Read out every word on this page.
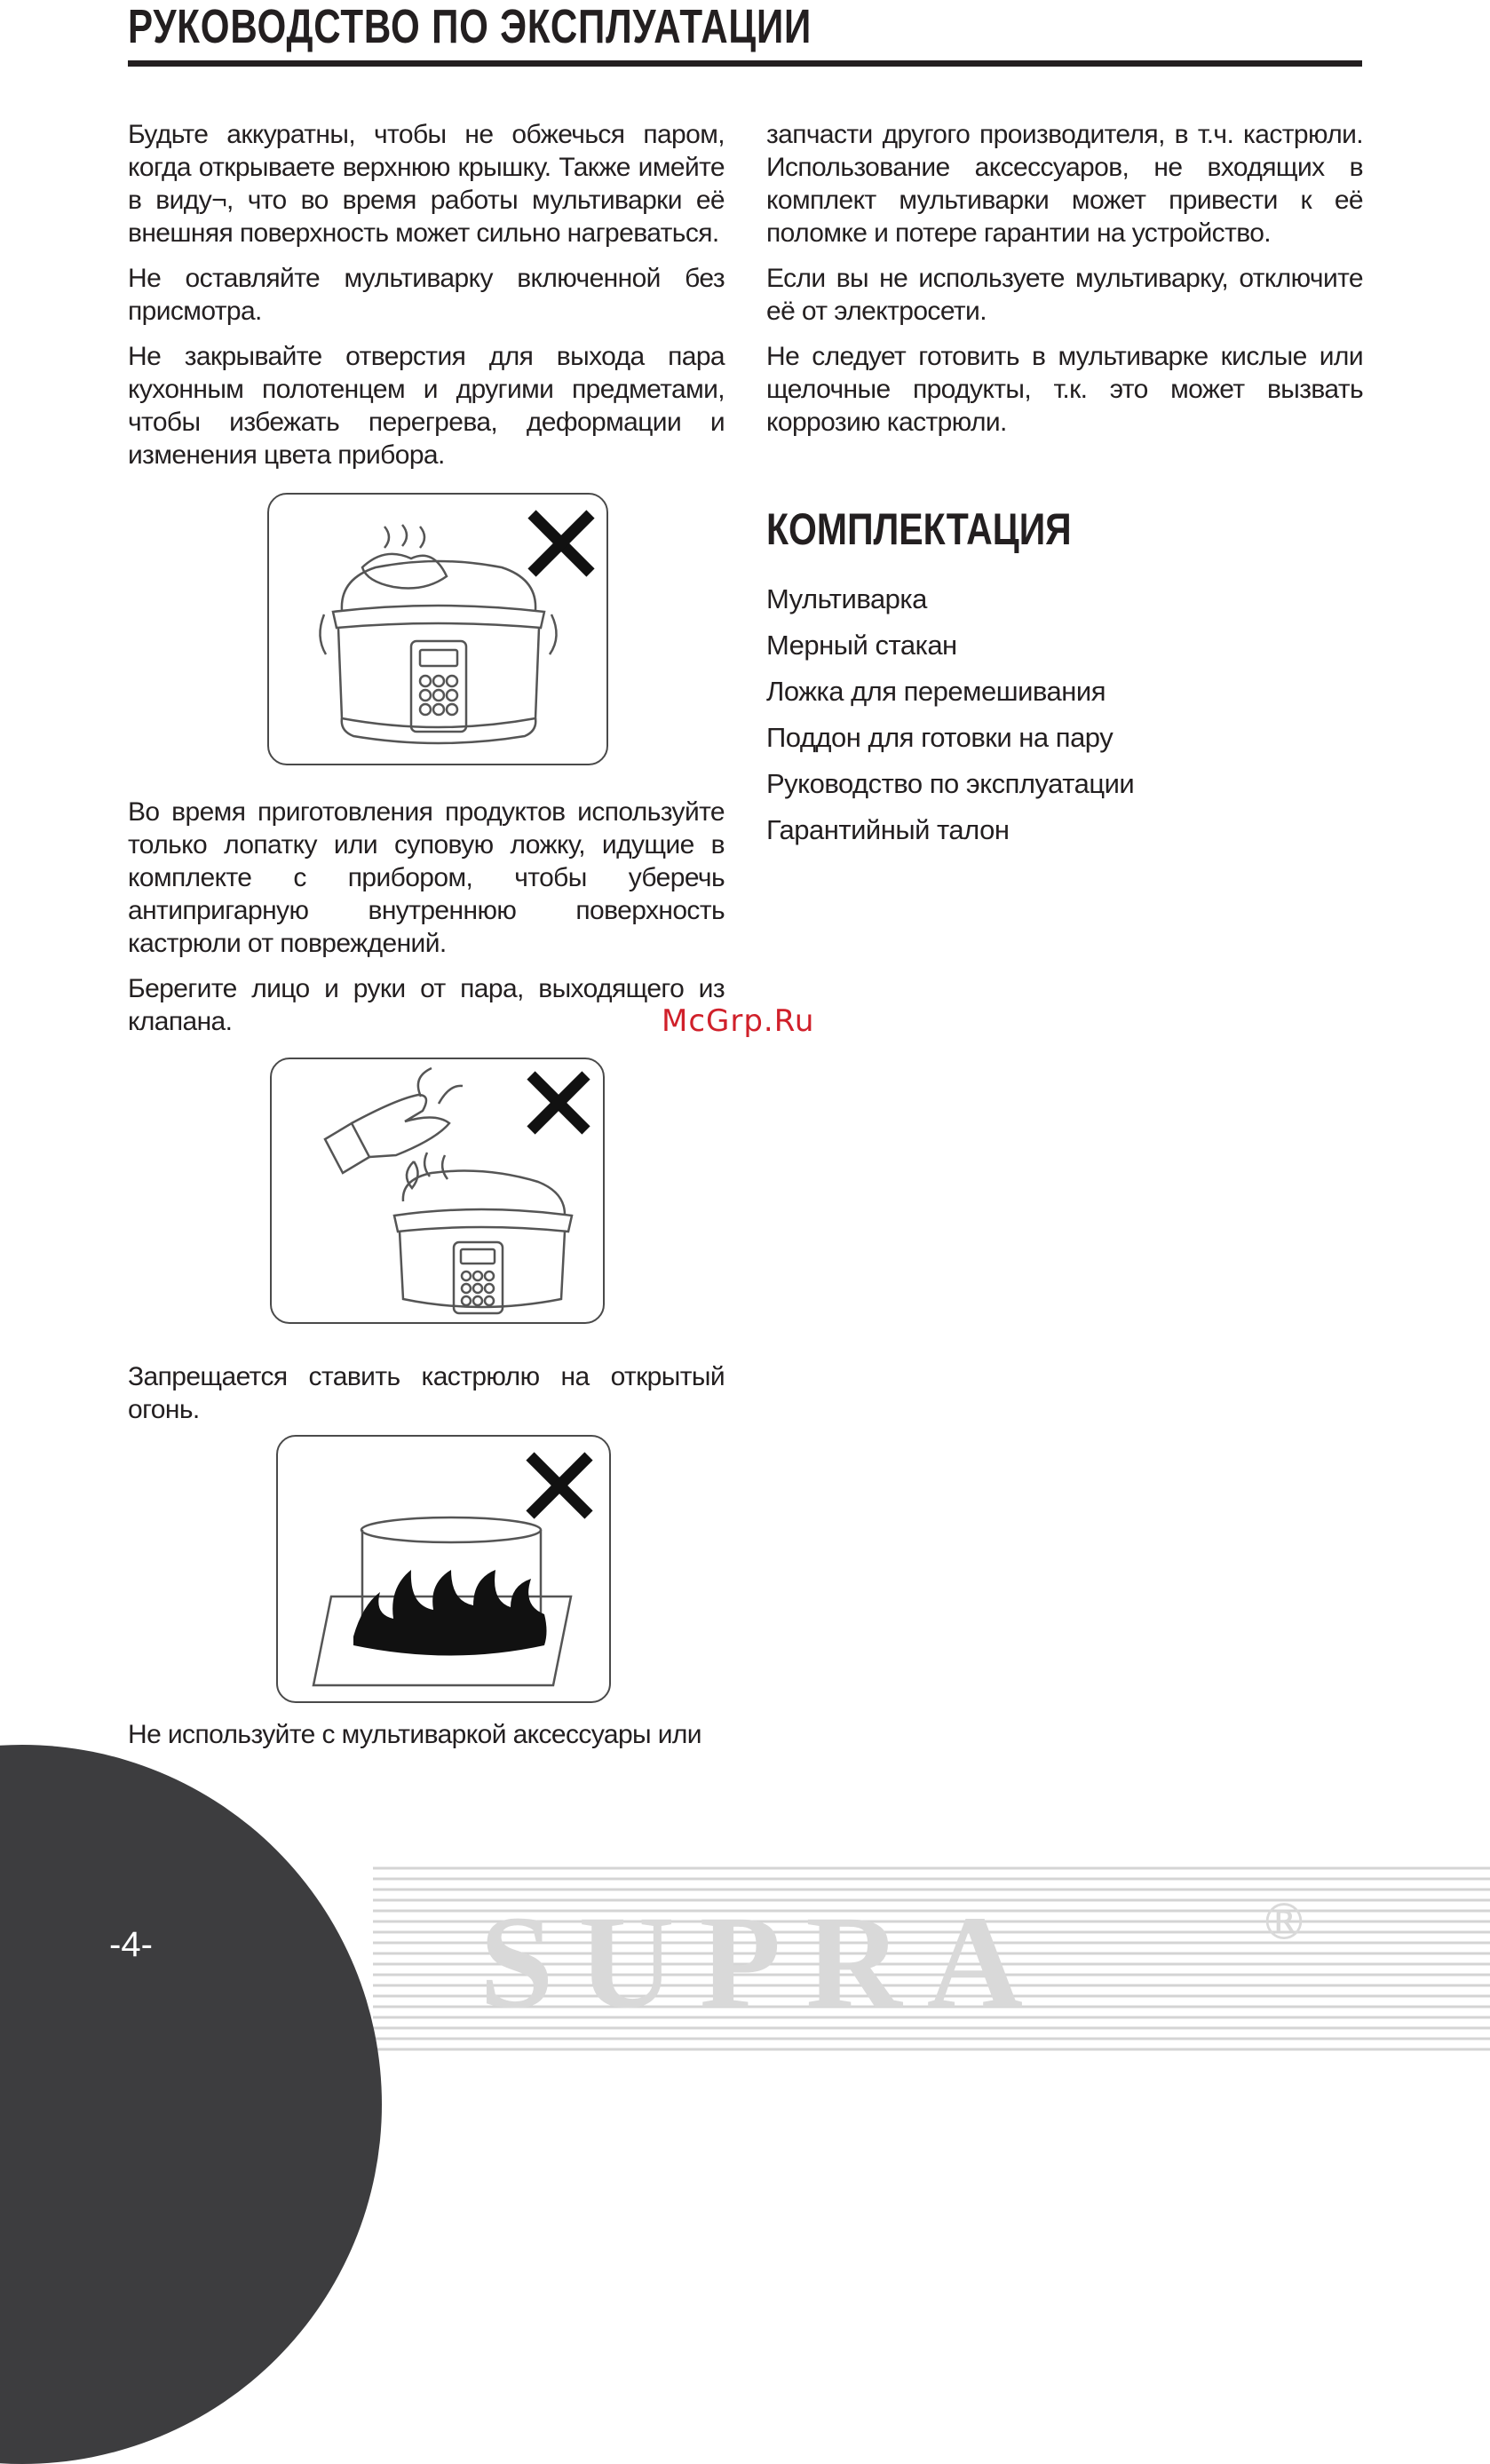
РУКОВОДСТВО ПО ЭКСПЛУАТАЦИИ

Будьте аккуратны, чтобы не обжечься паром, когда открываете верхнюю крышку. Также имейте в виду¬, что во время работы мультиварки её внешняя поверхность может сильно нагреваться.

Не оставляйте мультиварку включенной без присмотра.

Не закрывайте отверстия для выхода пара кухонным полотенцем и другими предметами, чтобы избежать перегрева, деформации и изменения цвета прибора.

Во время приготовления продуктов используйте только лопатку или суповую ложку, идущие в комплекте с прибором, чтобы уберечь антипригарную внутреннюю поверхность кастрюли от повреждений.

Берегите лицо и руки от пара, выходящего из клапана.	McGrp.Ru

Запрещается ставить кастрюлю на открытый огонь.

Не используйте с мультиваркой аксессуары или

запчасти другого производителя, в т.ч. кастрюли. Использование аксессуаров, не входящих в комплект мультиварки может привести к её поломке и потере гарантии на устройство.

Если вы не используете мультиварку, отключите её от электросети.

Не следует готовить в мультиварке кислые или щелочные продукты, т.к. это может вызвать коррозию кастрюли.

КОМПЛЕКТАЦИЯ
Мультиварка
Мерный стакан
Ложка для перемешивания
Поддон для готовки на пару
Руководство по эксплуатации
Гарантийный талон
SUPRA	®
-4-
